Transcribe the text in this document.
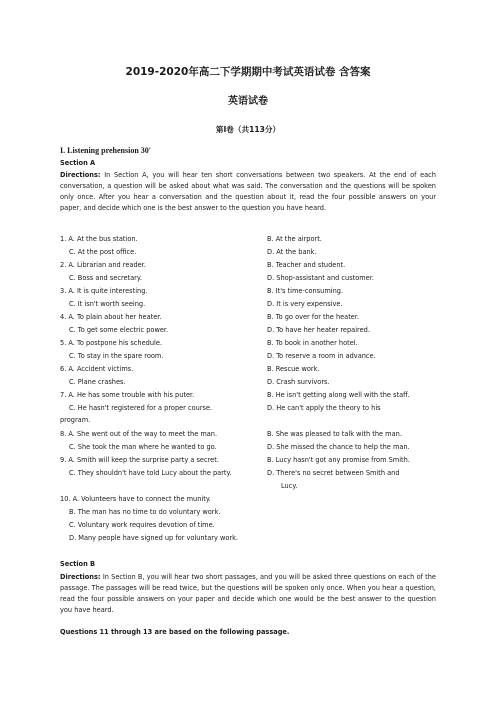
2019-2020年高二下学期期中考试英语试卷 含答案
英语试卷
第I卷（共113分）
I. Listening prehension 30'
Section A
Directions: In Section A, you will hear ten short conversations between two speakers. At the end of each conversation, a question will be asked about what was said. The conversation and the questions will be spoken only once. After you hear a conversation and the question about it, read the four possible answers on your paper, and decide which one is the best answer to the question you have heard.
1. A. At the bus station.	B. At the airport.
C. At the post office.	D. At the bank.
2. A. Librarian and reader.	B. Teacher and student.
C. Boss and secretary.	D. Shop-assistant and customer.
3. A. It is quite interesting.	B. It's time-consuming.
C. It isn't worth seeing.	D. It is very expensive.
4. A. To plain about her heater.	B. To go over for the heater.
C. To get some electric power.	D. To have her heater repaired.
5. A. To postpone his schedule.	B. To book in another hotel.
C. To stay in the spare room.	D. To reserve a room in advance.
6. A. Accident victims.	B. Rescue work.
C. Plane crashes.	D. Crash survivors.
7. A. He has some trouble with his puter.	B. He isn't getting along well with the staff.
C. He hasn't registered for a proper course.	D. He can't apply the theory to his
program.
8. A. She went out of the way to meet the man.	B. She was pleased to talk with the man.
C. She took the man where he wanted to go.	D. She missed the chance to help the man.
9. A. Smith will keep the surprise party a secret.	B. Lucy hasn't got any promise from Smith.
C. They shouldn't have told Lucy about the party.	D. There's no secret between Smith and
Lucy.
10. A. Volunteers have to connect the munity.
B. The man has no time to do voluntary work.
C. Voluntary work requires devotion of time.
D. Many people have signed up for voluntary work.
Section B
Directions: In Section B, you will hear two short passages, and you will be asked three questions on each of the passage. The passages will be read twice, but the questions will be spoken only once. When you hear a question, read the four possible answers on your paper and decide which one would be the best answer to the question you have heard.
Questions 11 through 13 are based on the following passage.
